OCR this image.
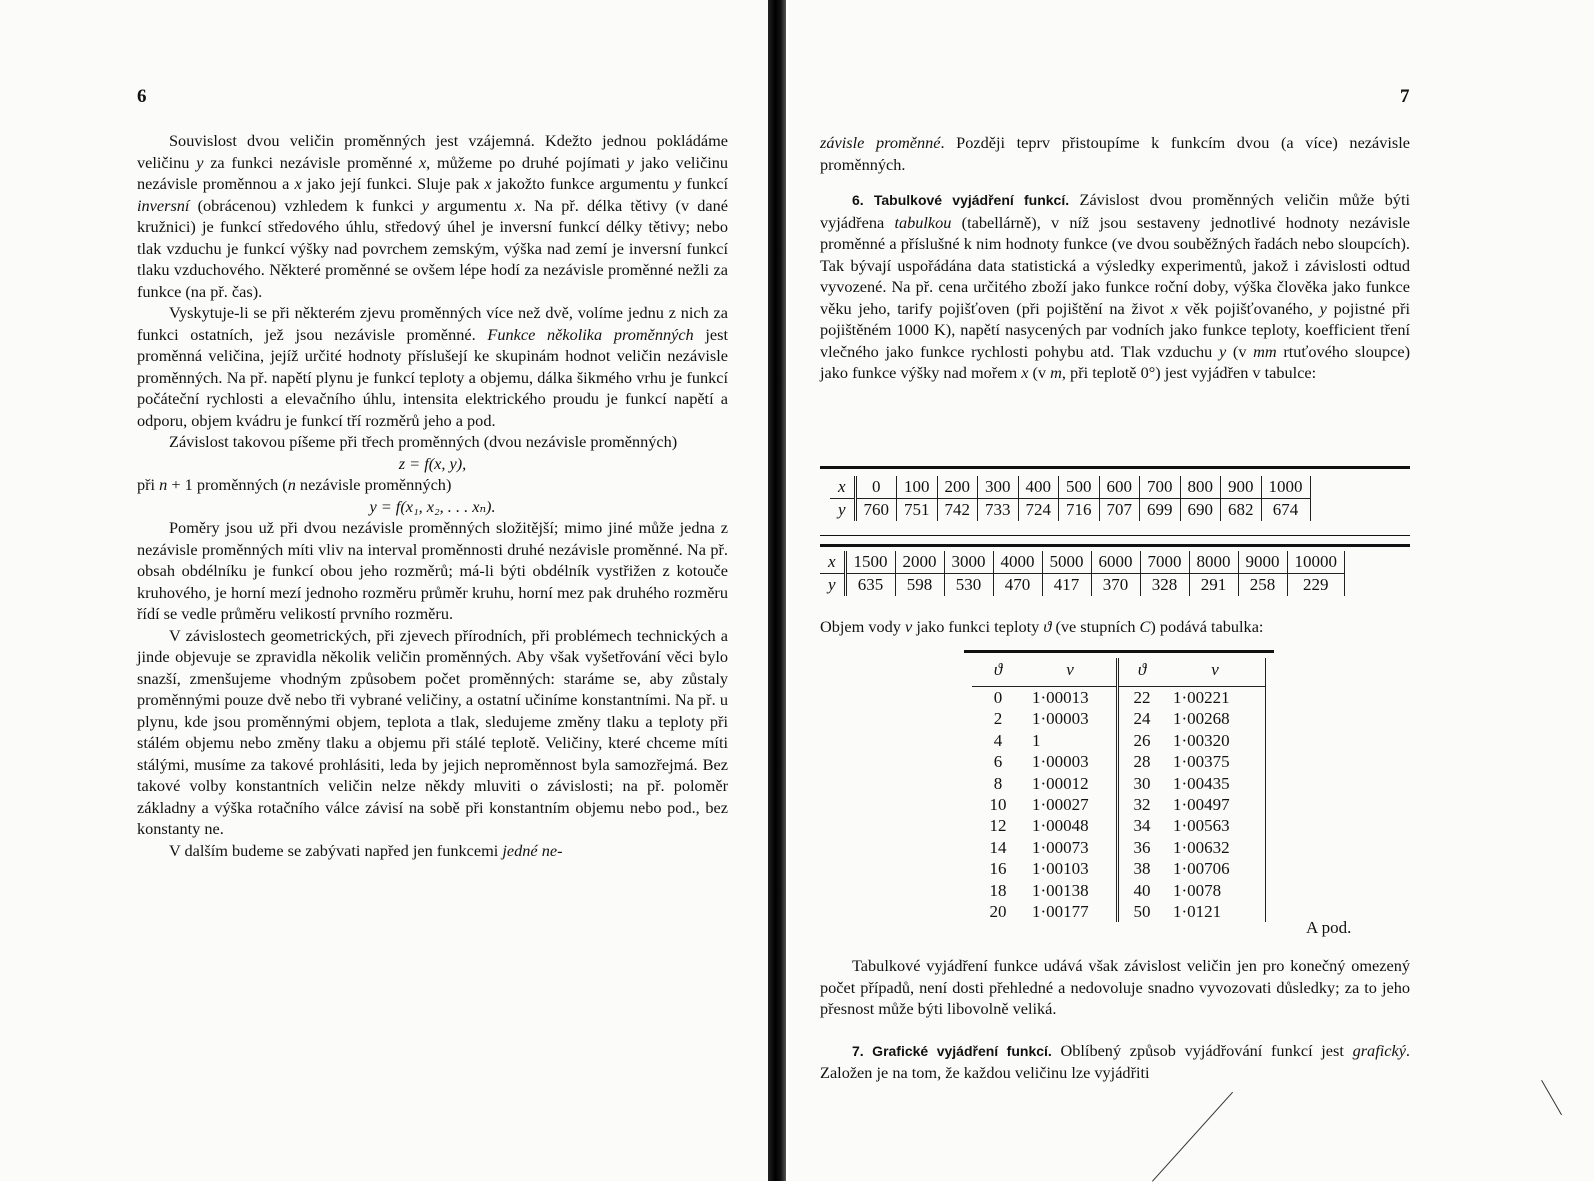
6

Souvislost dvou veličin proměnných jest vzájemná. Kdežto jednou pokládáme veličinu y za funkci nezávisle proměnné x, můžeme po druhé pojímati y jako veličinu nezávisle proměnnou a x jako její funkci. Sluje pak x jakožto funkce argumentu y funkcí inversní (obrácenou) vzhledem k funkci y argumentu x. Na př. délka tětivy (v dané kružnici) je funkcí středového úhlu, středový úhel je inversní funkcí délky tětivy; nebo tlak vzduchu je funkcí výšky nad povrchem zemským, výška nad zemí je inversní funkcí tlaku vzduchového. Některé proměnné se ovšem lépe hodí za nezávisle proměnné nežli za funkce (na př. čas).

Vyskytuje-li se při některém zjevu proměnných více než dvě, volíme jednu z nich za funkci ostatních, jež jsou nezávisle proměnné. Funkce několika proměnných jest proměnná veličina, jejíž určité hodnoty příslušejí ke skupinám hodnot veličin nezávisle proměnných. Na př. napětí plynu je funkcí teploty a objemu, dálka šikmého vrhu je funkcí počáteční rychlosti a elevačního úhlu, intensita elektrického proudu je funkcí napětí a odporu, objem kvádru je funkcí tří rozměrů jeho a pod.

Závislost takovou píšeme při třech proměnných (dvou nezávisle proměnných)

z = f(x, y),

při n + 1 proměnných (n nezávisle proměnných)

y = f(x₁, x₂, . . . xₙ).

Poměry jsou už při dvou nezávisle proměnných složitější; mimo jiné může jedna z nezávisle proměnných míti vliv na interval proměnnosti druhé nezávisle proměnné. Na př. obsah obdélníku je funkcí obou jeho rozměrů; má-li býti obdélník vystřižen z kotouče kruhového, je horní mezí jednoho rozměru průměr kruhu, horní mez pak druhého rozměru řídí se vedle průměru velikostí prvního rozměru.

V závislostech geometrických, při zjevech přírodních, při problémech technických a jinde objevuje se zpravidla několik veličin proměnných. Aby však vyšetřování věci bylo snazší, zmenšujeme vhodným způsobem počet proměnných: staráme se, aby zůstaly proměnnými pouze dvě nebo tři vybrané veličiny, a ostatní učiníme konstantními. Na př. u plynu, kde jsou proměnnými objem, teplota a tlak, sledujeme změny tlaku a teploty při stálém objemu nebo změny tlaku a objemu při stálé teplotě. Veličiny, které chceme míti stálými, musíme za takové prohlásiti, leda by jejich neproměnnost byla samozřejmá. Bez takové volby konstantních veličin nelze někdy mluviti o závislosti; na př. poloměr základny a výška rotačního válce závisí na sobě při konstantním objemu nebo pod., bez konstanty ne.

V dalším budeme se zabývati napřed jen funkcemi jedné ne-

7

závisle proměnné. Později teprv přistoupíme k funkcím dvou (a více) nezávisle proměnných.

6. Tabulkové vyjádření funkcí. Závislost dvou proměnných veličin může býti vyjádřena tabulkou (tabellárně), v níž jsou sestaveny jednotlivé hodnoty nezávisle proměnné a příslušné k nim hodnoty funkce (ve dvou souběžných řadách nebo sloupcích). Tak bývají uspořádána data statistická a výsledky experimentů, jakož i závislosti odtud vyvozené. Na př. cena určitého zboží jako funkce roční doby, výška člověka jako funkce věku jeho, tarify pojišťoven (při pojištění na život x věk pojišťovaného, y pojistné při pojištěném 1000 K), napětí nasycených par vodních jako funkce teploty, koefficient tření vlečného jako funkce rychlosti pohybu atd. Tlak vzduchu y (v mm rtuťového sloupce) jako funkce výšky nad mořem x (v m, při teplotě 0°) jest vyjádřen v tabulce:

x	0	100	200	300	400	500	600	700	800	900	1000
y	760	751	742	733	724	716	707	699	690	682	674
x	1500	2000	3000	4000	5000	6000	7000	8000	9000	10000
y	635	598	530	470	417	370	328	291	258	229

Objem vody v jako funkci teploty ϑ (ve stupních C) podává tabulka:

ϑ	v	ϑ	v
0	1·00013	22	1·00221
2	1·00003	24	1·00268
4	1	26	1·00320
6	1·00003	28	1·00375
8	1·00012	30	1·00435
10	1·00027	32	1·00497
12	1·00048	34	1·00563
14	1·00073	36	1·00632
16	1·00103	38	1·00706
18	1·00138	40	1·0078
20	1·00177	50	1·0121
A pod.

Tabulkové vyjádření funkce udává však závislost veličin jen pro konečný omezený počet případů, není dosti přehledné a nedovoluje snadno vyvozovati důsledky; za to jeho přesnost může býti libovolně veliká.

7. Grafické vyjádření funkcí. Oblíbený způsob vyjádřování funkcí jest grafický. Založen je na tom, že každou veličinu lze vyjádřiti
